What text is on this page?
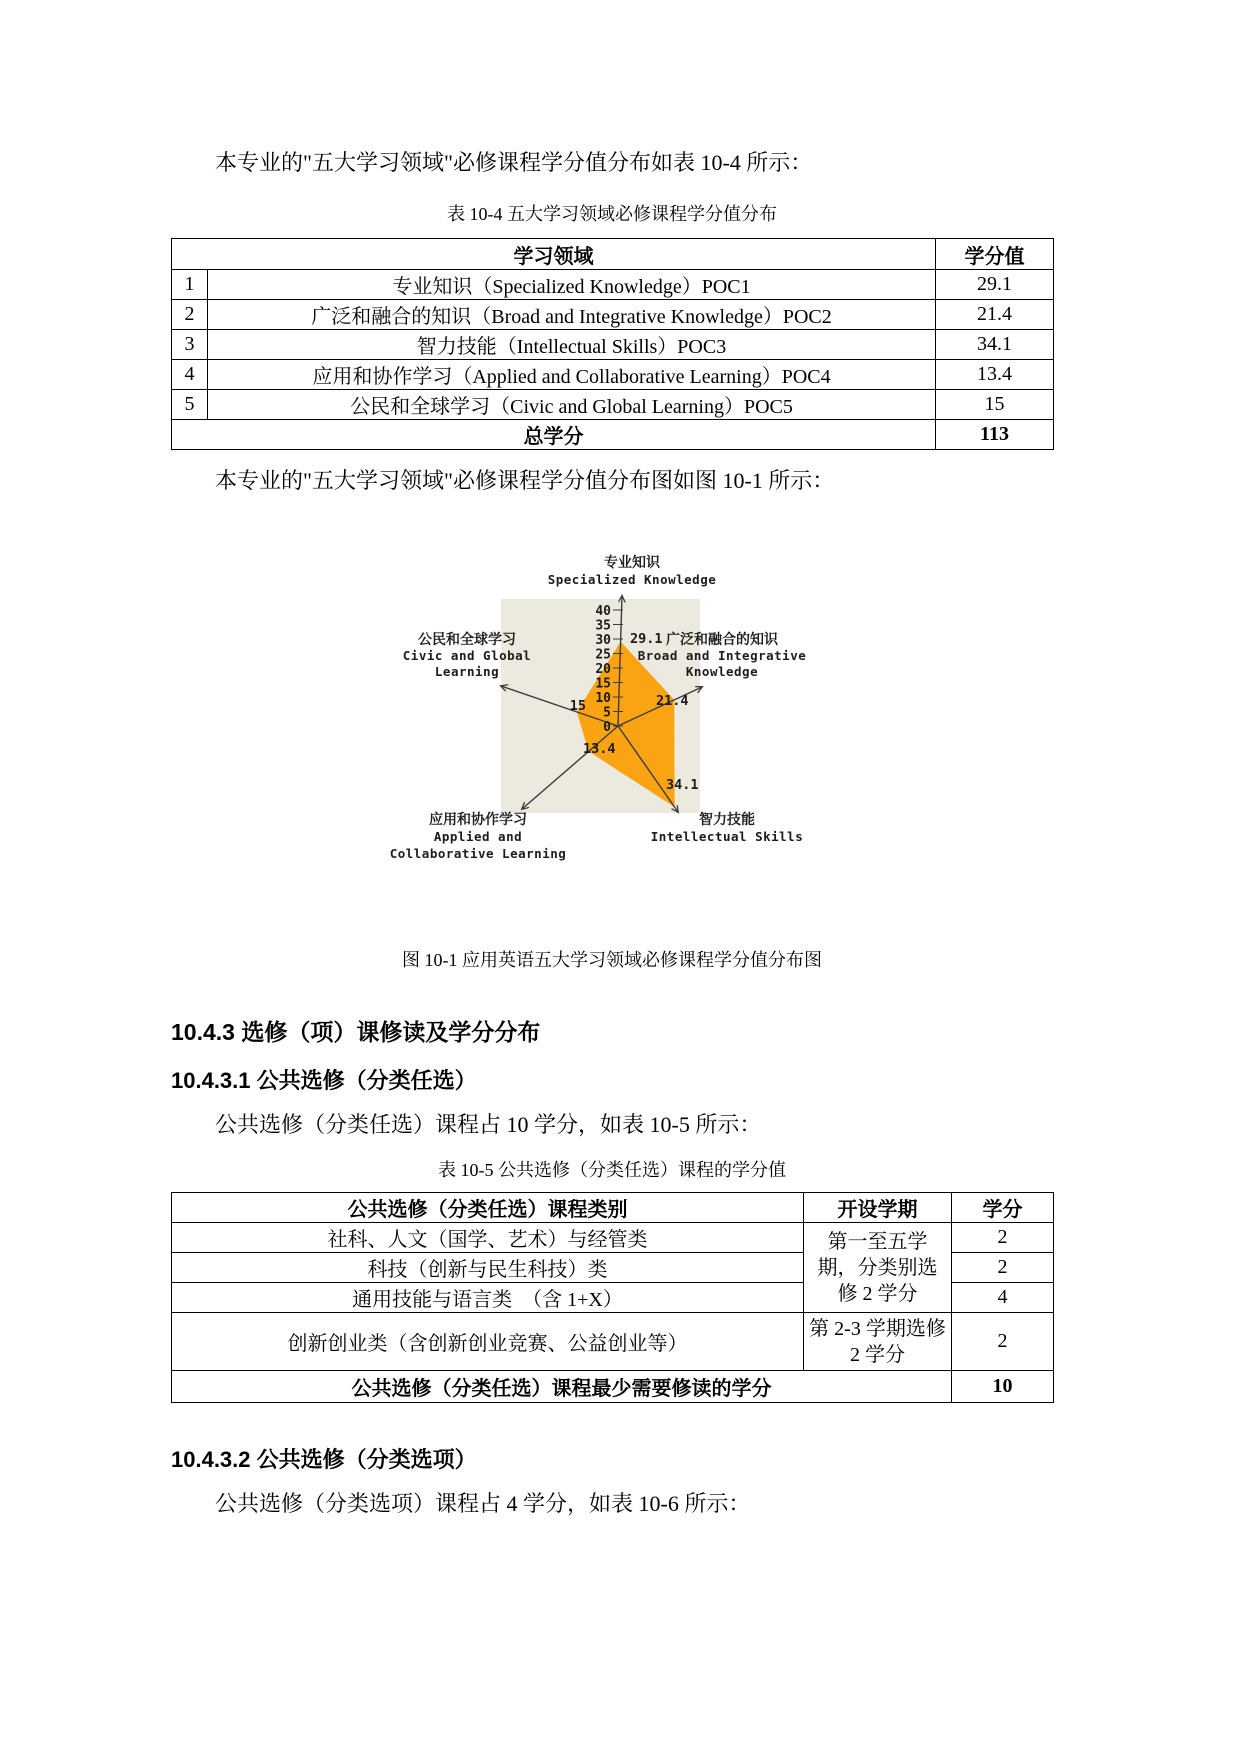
本专业的"五大学习领域"必修课程学分值分布如表 10-4 所示：

表 10-4 五大学习领域必修课程学分值分布
学习领域		学分值
1	专业知识（Specialized Knowledge）POC1	29.1
2	广泛和融合的知识（Broad and Integrative Knowledge）POC2	21.4
3	智力技能（Intellectual Skills）POC3	34.1
4	应用和协作学习（Applied and Collaborative Learning）POC4	13.4
5	公民和全球学习（Civic and Global Learning）POC5	15
总学分		113

本专业的"五大学习领域"必修课程学分值分布图如图 10-1 所示：

0
5
10
15
20
25
30
35
40
29.1
21.4
34.1
13.4
15
专业知识
Specialized Knowledge
广泛和融合的知识
Broad and Integrative
Knowledge
智力技能
Intellectual Skills
应用和协作学习
Applied and
Collaborative Learning
公民和全球学习
Civic and Global
Learning
图 10-1 应用英语五大学习领域必修课程学分值分布图
10.4.3 选修（项）课修读及学分分布
10.4.3.1 公共选修（分类任选）

公共选修（分类任选）课程占 10 学分，如表 10-5 所示：

表 10-5 公共选修（分类任选）课程的学分值
公共选修（分类任选）课程类别	开设学期	学分
社科、人文（国学、艺术）与经管类	第一至五学期，分类别选修 2 学分	2
科技（创新与民生科技）类		2
通用技能与语言类　（含 1+X）		4
创新创业类（含创新创业竞赛、公益创业等）	第 2-3 学期选修 2 学分	2
公共选修（分类任选）课程最少需要修读的学分		10
10.4.3.2 公共选修（分类选项）

公共选修（分类选项）课程占 4 学分，如表 10-6 所示：
